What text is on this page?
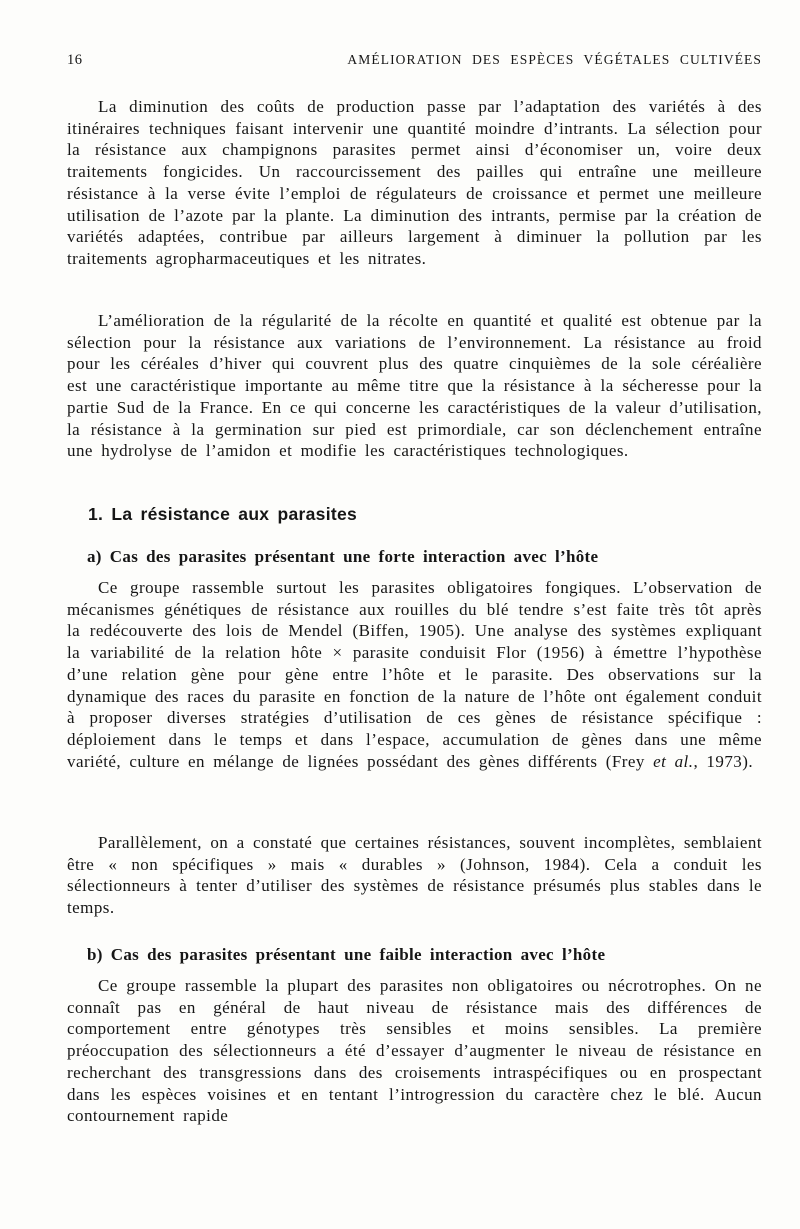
16	AMÉLIORATION DES ESPÈCES VÉGÉTALES CULTIVÉES

La diminution des coûts de production passe par l’adaptation des variétés à des itinéraires techniques faisant intervenir une quantité moindre d’intrants. La sélection pour la résistance aux champignons parasites permet ainsi d’économiser un, voire deux traitements fongicides. Un raccourcissement des pailles qui entraîne une meilleure résistance à la verse évite l’emploi de régulateurs de croissance et permet une meilleure utilisation de l’azote par la plante. La diminution des intrants, permise par la création de variétés adaptées, contribue par ailleurs largement à diminuer la pollution par les traitements agropharmaceutiques et les nitrates.

L’amélioration de la régularité de la récolte en quantité et qualité est obtenue par la sélection pour la résistance aux variations de l’environnement. La résistance au froid pour les céréales d’hiver qui couvrent plus des quatre cinquièmes de la sole céréalière est une caractéristique importante au même titre que la résistance à la sécheresse pour la partie Sud de la France. En ce qui concerne les caractéristiques de la valeur d’utilisation, la résistance à la germination sur pied est primordiale, car son déclenchement entraîne une hydrolyse de l’amidon et modifie les caractéristiques technologiques.

1. La résistance aux parasites
a) Cas des parasites présentant une forte interaction avec l’hôte

Ce groupe rassemble surtout les parasites obligatoires fongiques. L’observation de mécanismes génétiques de résistance aux rouilles du blé tendre s’est faite très tôt après la redécouverte des lois de Mendel (Biffen, 1905). Une analyse des systèmes expliquant la variabilité de la relation hôte × parasite conduisit Flor (1956) à émettre l’hypothèse d’une relation gène pour gène entre l’hôte et le parasite. Des observations sur la dynamique des races du parasite en fonction de la nature de l’hôte ont également conduit à proposer diverses stratégies d’utilisation de ces gènes de résistance spécifique : déploiement dans le temps et dans l’espace, accumulation de gènes dans une même variété, culture en mélange de lignées possédant des gènes différents (Frey et al., 1973).

Parallèlement, on a constaté que certaines résistances, souvent incomplètes, semblaient être « non spécifiques » mais « durables » (Johnson, 1984). Cela a conduit les sélectionneurs à tenter d’utiliser des systèmes de résistance présumés plus stables dans le temps.

b) Cas des parasites présentant une faible interaction avec l’hôte

Ce groupe rassemble la plupart des parasites non obligatoires ou nécrotrophes. On ne connaît pas en général de haut niveau de résistance mais des différences de comportement entre génotypes très sensibles et moins sensibles. La première préoccupation des sélectionneurs a été d’essayer d’augmenter le niveau de résistance en recherchant des transgressions dans des croisements intraspécifiques ou en prospectant dans les espèces voisines et en tentant l’introgression du caractère chez le blé. Aucun contournement rapide
